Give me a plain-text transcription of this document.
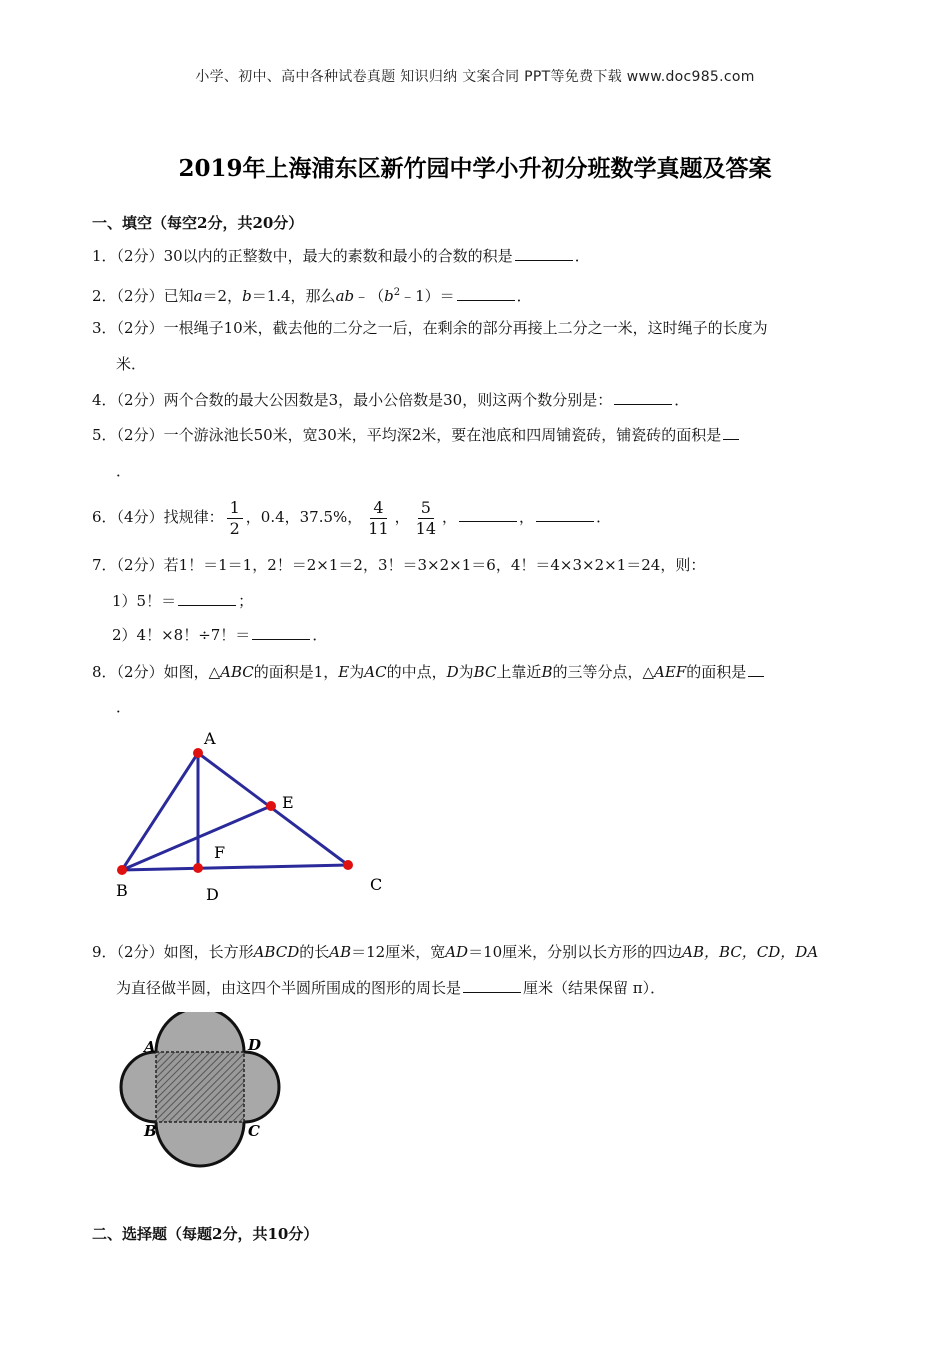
小学、初中、高中各种试卷真题 知识归纳 文案合同 PPT等免费下载 www.doc985.com
2019年上海浦东区新竹园中学小升初分班数学真题及答案
一、填空（每空2分，共20分）
1．（2分）30以内的正整数中，最大的素数和最小的合数的积是	．
2．（2分）已知a＝2，b＝1.4，那么$ab﹣(b^2﹣1)=$	．
3．（2分）一根绳子10米，截去他的二分之一后，在剩余的部分再接上二分之一米，这时绳子的长度为
米．
4．（2分）两个合数的最大公因数是3，最小公倍数是30，则这两个数分别是：	．
5．（2分）一个游泳池长50米，宽30米，平均深2米，要在池底和四周铺瓷砖，铺瓷砖的面积是
．
6．（4分）找规律： $\frac{1}{2}$ ，0.4，37.5%， $\frac{4}{11}$ ， $\frac{5}{14}$ ，	，	．
7．（2分）若1！＝1＝1，2！＝2×1＝2，3！＝3×2×1＝6，4！＝4×3×2×1＝24，则：
1）5！＝	；
2）4！×8！÷7！＝	．
8．（2分）如图，△ABC的面积是1，E为AC的中点，D为BC上靠近B的三等分点，△AEF的面积是
．
A
B	C
D
E
F
9．（2分）如图，长方形ABCD的长AB＝12厘米，宽AD＝10厘米，分别以长方形的四边AB，BC，CD，DA
为直径做半圆，由这四个半圆所围成的图形的周长是	厘米（结果保留 π）．
A
B	C
D
二、选择题（每题2分，共10分）
